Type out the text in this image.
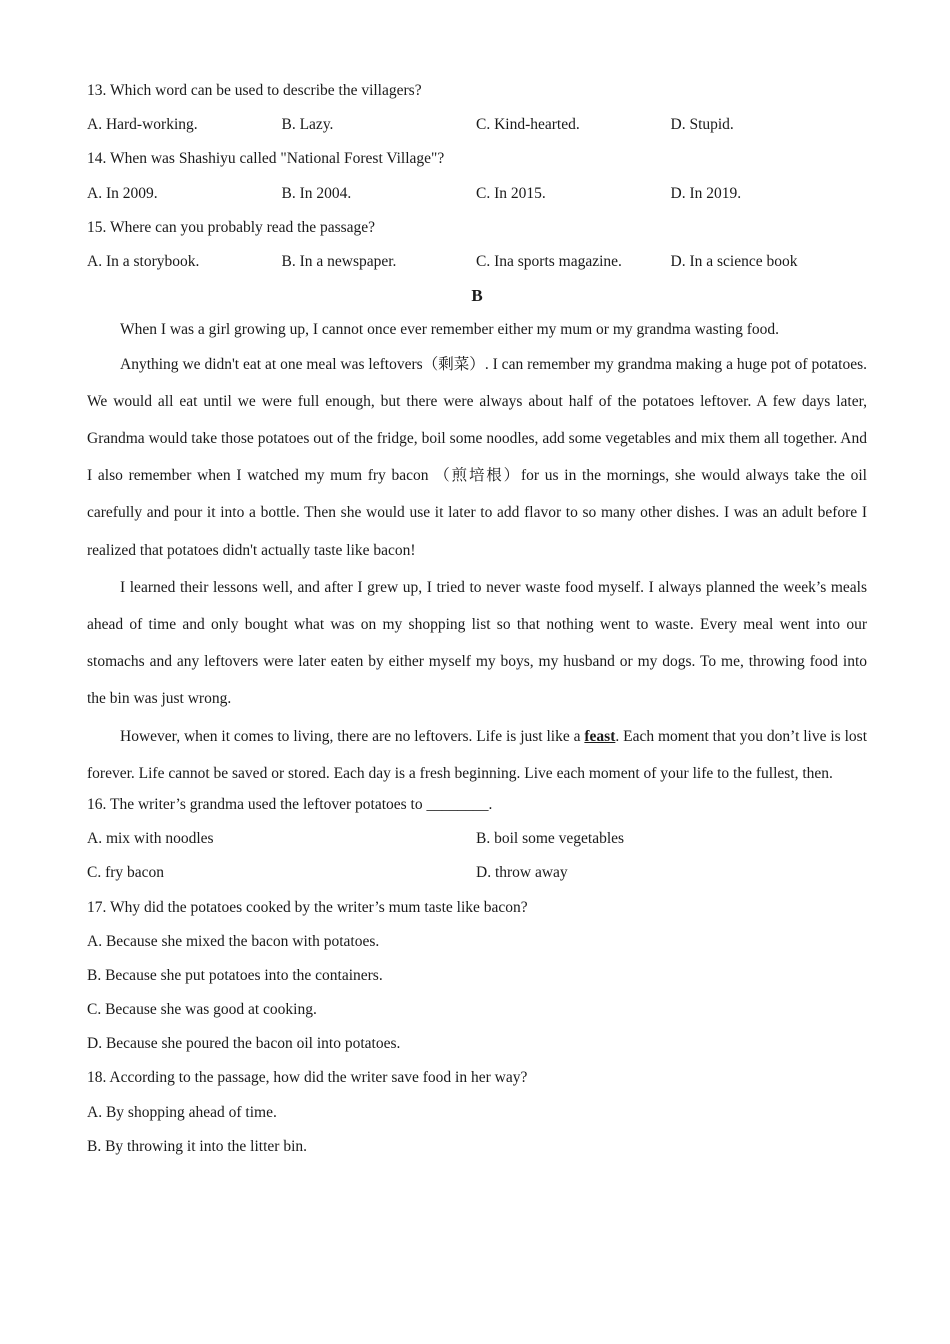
13. Which word can be used to describe the villagers?
A. Hard-working.	B. Lazy.	C. Kind-hearted.	D. Stupid.
14. When was Shashiyu called "National Forest Village"?
A. In 2009.	B. In 2004.	C. In 2015.	D. In 2019.
15. Where can you probably read the passage?
A. In a storybook.	B. In a newspaper.	C. Ina sports magazine.	D. In a science book
B
When I was a girl growing up, I cannot once ever remember either my mum or my grandma wasting food.

Anything we didn't eat at one meal was leftovers（剩菜）. I can remember my grandma making a huge pot of potatoes. We would all eat until we were full enough, but there were always about half of the potatoes leftover. A few days later, Grandma would take those potatoes out of the fridge, boil some noodles, add some vegetables and mix them all together. And I also remember when I watched my mum fry bacon （煎培根）for us in the mornings, she would always take the oil carefully and pour it into a bottle. Then she would use it later to add flavor to so many other dishes. I was an adult before I realized that potatoes didn't actually taste like bacon!

I learned their lessons well, and after I grew up, I tried to never waste food myself. I always planned the week’s meals ahead of time and only bought what was on my shopping list so that nothing went to waste. Every meal went into our stomachs and any leftovers were later eaten by either myself my boys, my husband or my dogs. To me, throwing food into the bin was just wrong.

However, when it comes to living, there are no leftovers. Life is just like a feast. Each moment that you don’t live is lost forever. Life cannot be saved or stored. Each day is a fresh beginning. Live each moment of your life to the fullest, then.

16. The writer’s grandma used the leftover potatoes to ________.
A. mix with noodles	B. boil some vegetables
C. fry bacon	D. throw away
17. Why did the potatoes cooked by the writer’s mum taste like bacon?
A. Because she mixed the bacon with potatoes.
B. Because she put potatoes into the containers.
C. Because she was good at cooking.
D. Because she poured the bacon oil into potatoes.
18. According to the passage, how did the writer save food in her way?
A. By shopping ahead of time.
B. By throwing it into the litter bin.
